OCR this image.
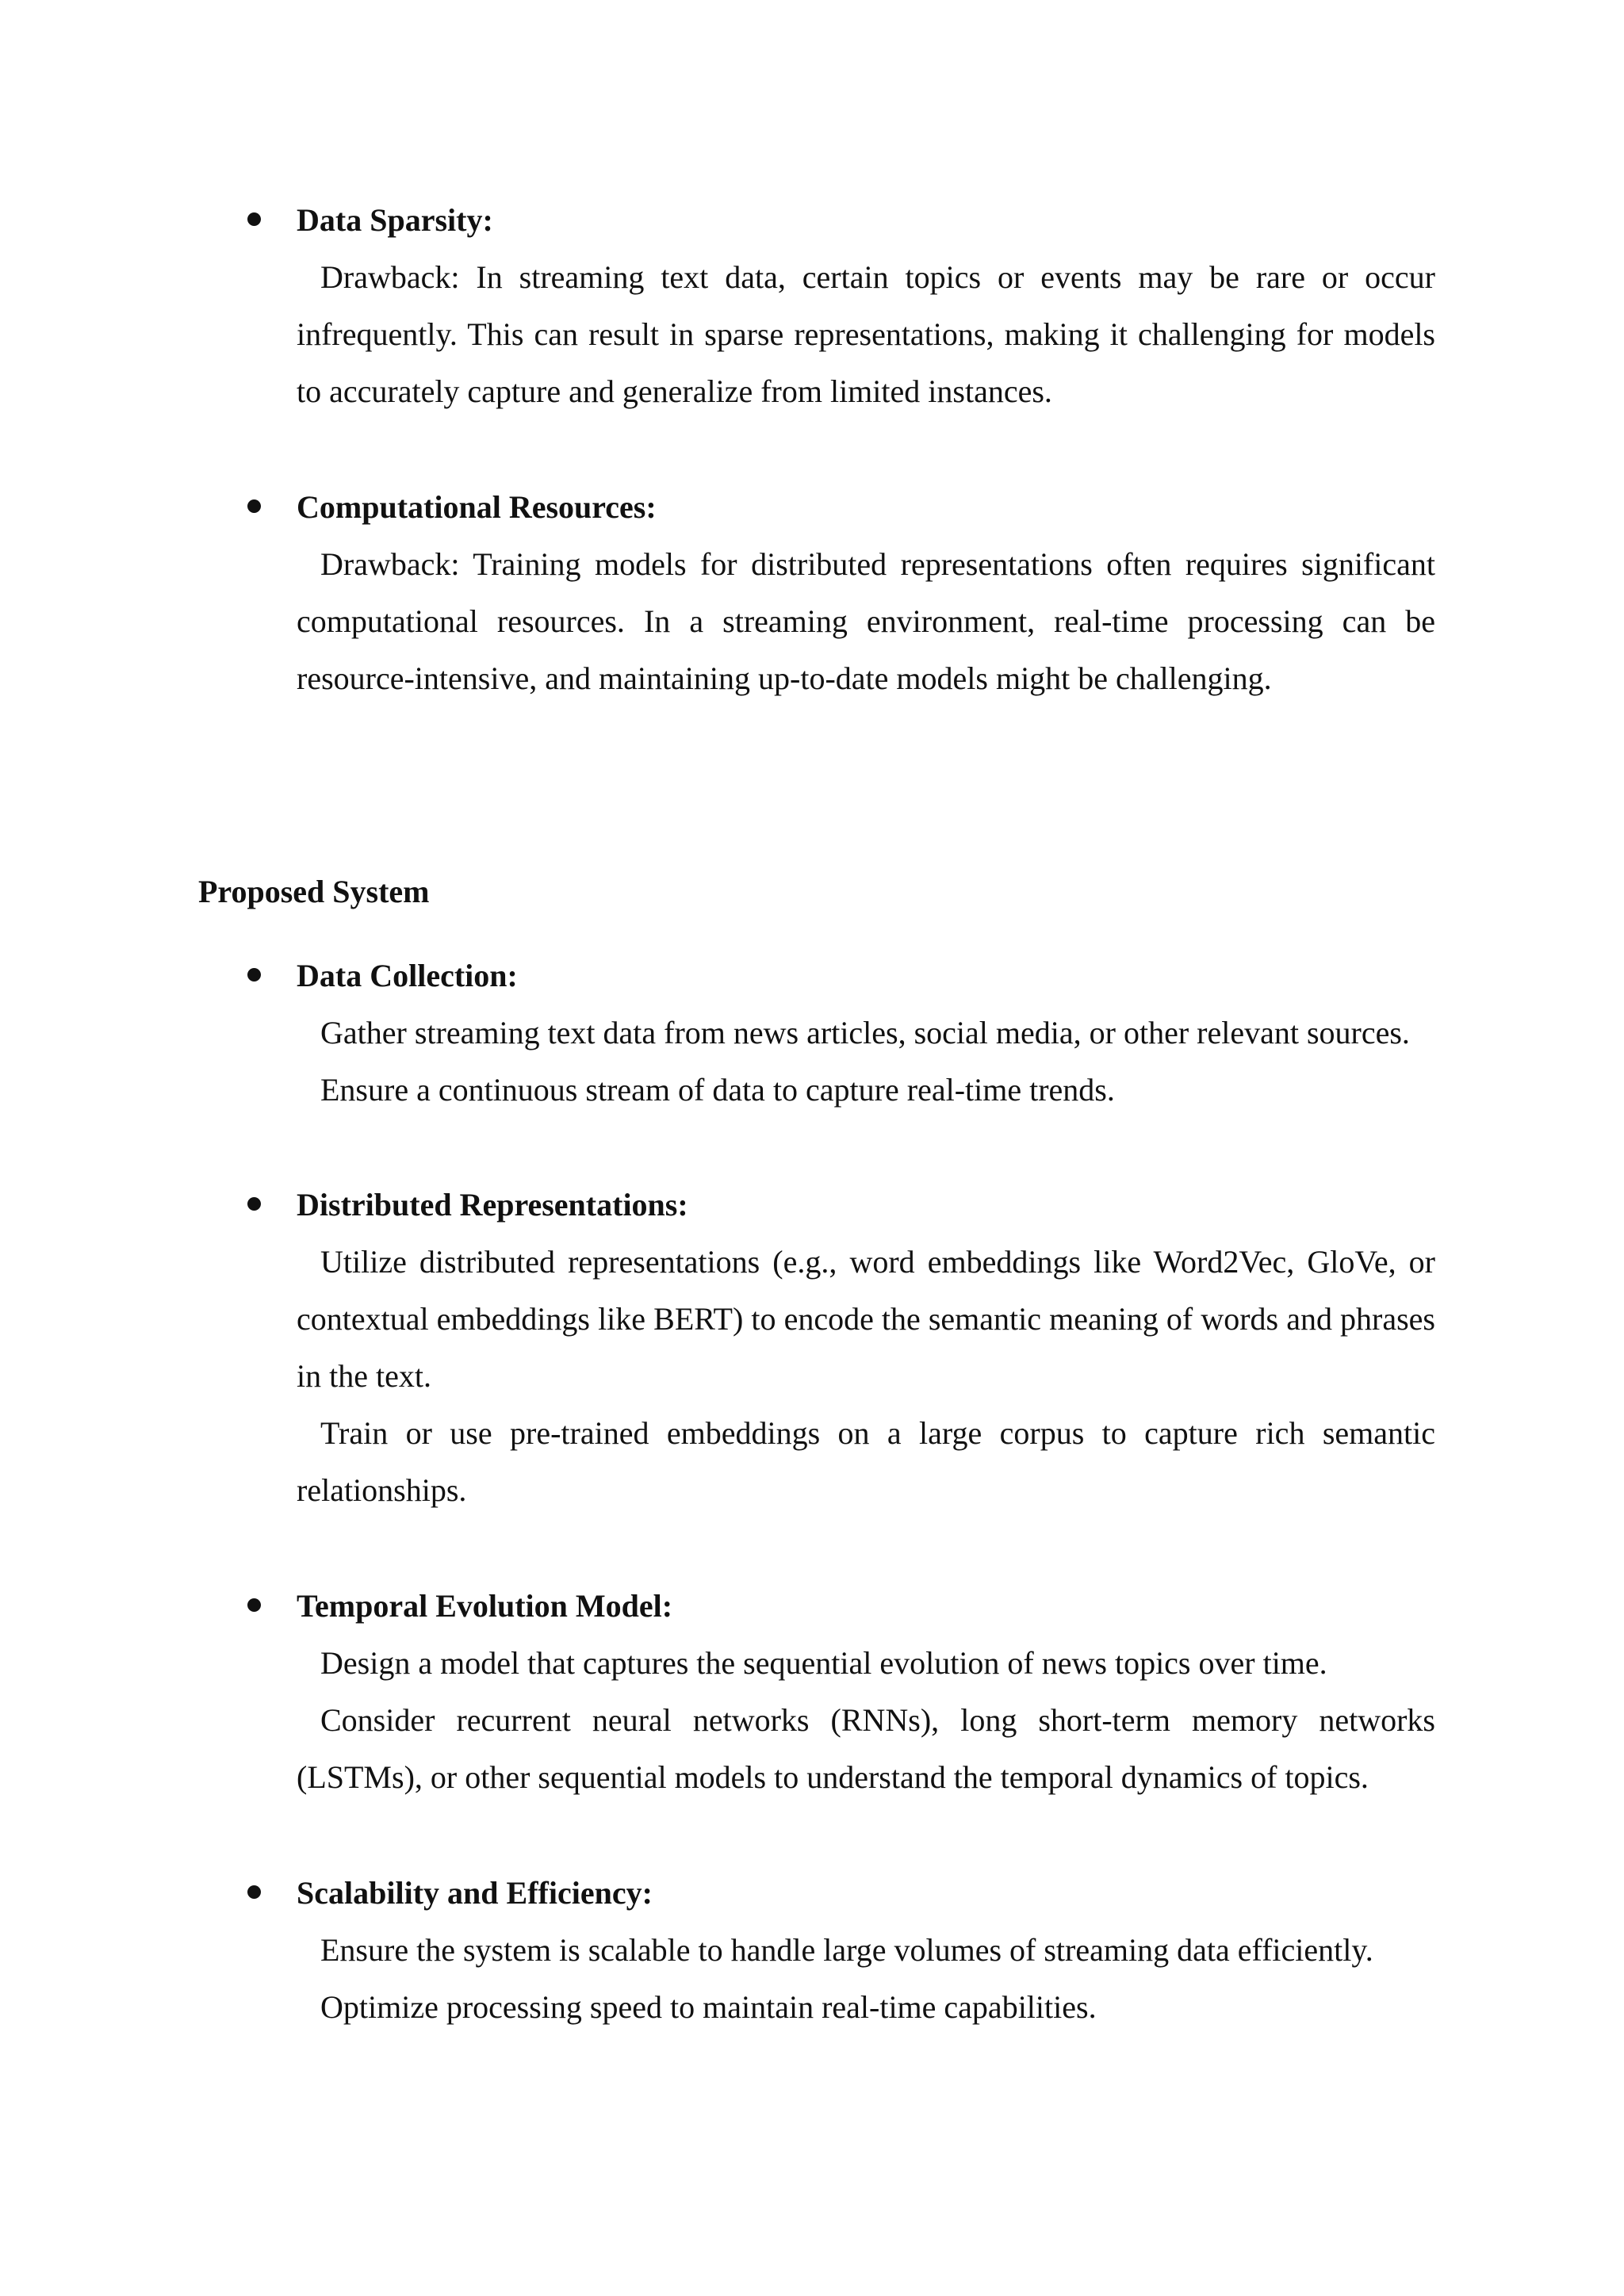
Data Sparsity:
Drawback: In streaming text data, certain topics or events may be rare or occur infrequently. This can result in sparse representations, making it challenging for models to accurately capture and generalize from limited instances.
Computational Resources:
Drawback: Training models for distributed representations often requires significant computational resources. In a streaming environment, real-time processing can be resource-intensive, and maintaining up-to-date models might be challenging.
Proposed System
Data Collection:
Gather streaming text data from news articles, social media, or other relevant sources.
Ensure a continuous stream of data to capture real-time trends.
Distributed Representations:
Utilize distributed representations (e.g., word embeddings like Word2Vec, GloVe, or contextual embeddings like BERT) to encode the semantic meaning of words and phrases in the text.
Train or use pre-trained embeddings on a large corpus to capture rich semantic relationships.
Temporal Evolution Model:
Design a model that captures the sequential evolution of news topics over time.
Consider recurrent neural networks (RNNs), long short-term memory networks (LSTMs), or other sequential models to understand the temporal dynamics of topics.
Scalability and Efficiency:
Ensure the system is scalable to handle large volumes of streaming data efficiently.
Optimize processing speed to maintain real-time capabilities.
